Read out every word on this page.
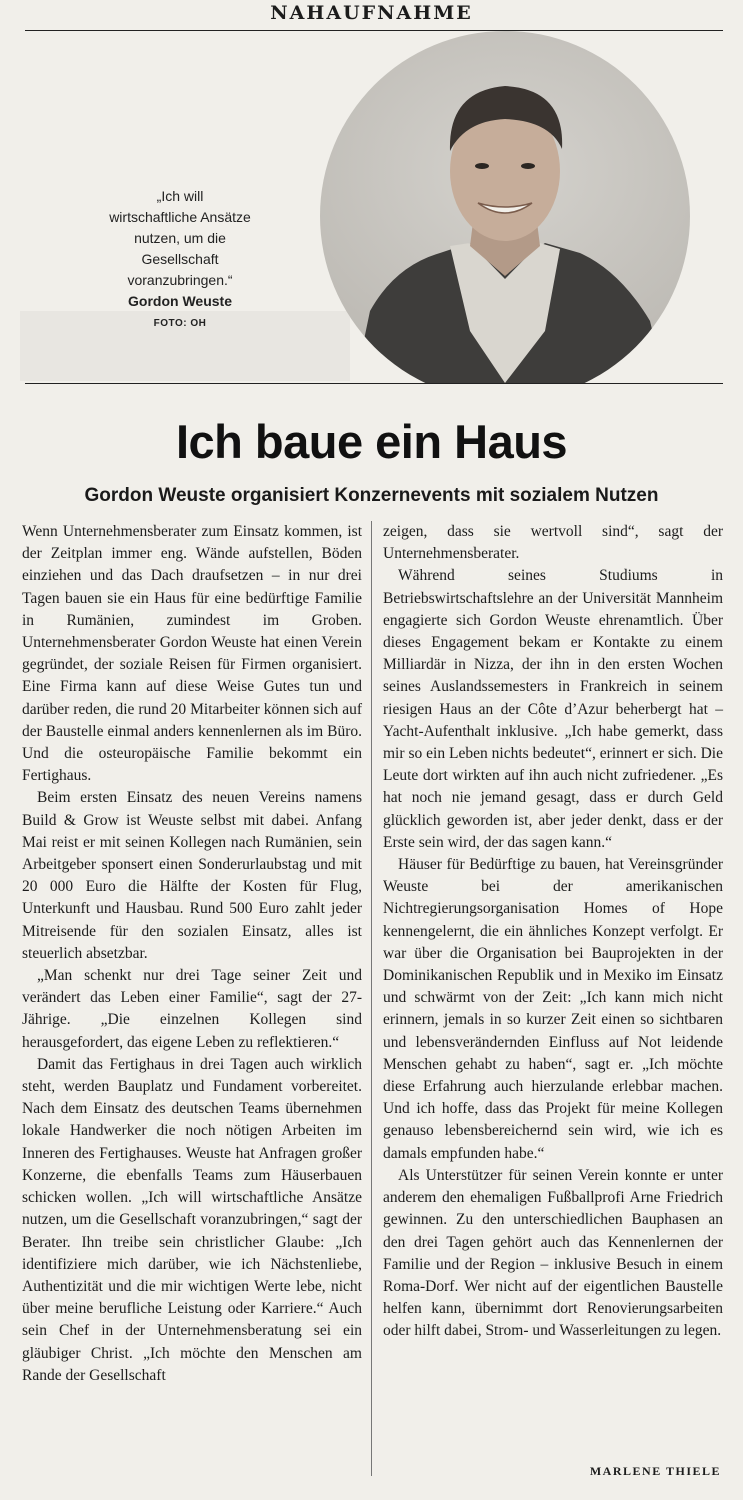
NAHAUFNAHME
„Ich will
wirtschaftliche Ansätze
nutzen, um die
Gesellschaft
voranzubringen.“
Gordon Weuste
FOTO: OH
Ich baue ein Haus
Gordon Weuste organisiert Konzernevents mit sozialem Nutzen

Wenn Unternehmensberater zum Einsatz kommen, ist der Zeitplan immer eng. Wände aufstellen, Böden einziehen und das Dach draufsetzen – in nur drei Tagen bauen sie ein Haus für eine bedürftige Familie in Rumänien, zumindest im Groben. Unternehmensberater Gordon Weuste hat einen Verein gegründet, der soziale Reisen für Firmen organisiert. Eine Firma kann auf diese Weise Gutes tun und darüber reden, die rund 20 Mitarbeiter können sich auf der Baustelle einmal anders kennenlernen als im Büro. Und die osteuropäische Familie bekommt ein Fertighaus.

Beim ersten Einsatz des neuen Vereins namens Build & Grow ist Weuste selbst mit dabei. Anfang Mai reist er mit seinen Kollegen nach Rumänien, sein Arbeitgeber sponsert einen Sonderurlaubstag und mit 20 000 Euro die Hälfte der Kosten für Flug, Unterkunft und Hausbau. Rund 500 Euro zahlt jeder Mitreisende für den sozialen Einsatz, alles ist steuerlich absetzbar.

„Man schenkt nur drei Tage seiner Zeit und verändert das Leben einer Familie“, sagt der 27-Jährige. „Die einzelnen Kollegen sind herausgefordert, das eigene Leben zu reflektieren.“

Damit das Fertighaus in drei Tagen auch wirklich steht, werden Bauplatz und Fundament vorbereitet. Nach dem Einsatz des deutschen Teams übernehmen lokale Handwerker die noch nötigen Arbeiten im Inneren des Fertighauses. Weuste hat Anfragen großer Konzerne, die ebenfalls Teams zum Häuserbauen schicken wollen. „Ich will wirtschaftliche Ansätze nutzen, um die Gesellschaft voranzubringen,“ sagt der Berater. Ihn treibe sein christlicher Glaube: „Ich identifiziere mich darüber, wie ich Nächstenliebe, Authentizität und die mir wichtigen Werte lebe, nicht über meine berufliche Leistung oder Karriere.“ Auch sein Chef in der Unternehmensberatung sei ein gläubiger Christ. „Ich möchte den Menschen am Rande der Gesellschaft

zeigen, dass sie wertvoll sind“, sagt der Unternehmensberater.

Während seines Studiums in Betriebswirtschaftslehre an der Universität Mannheim engagierte sich Gordon Weuste ehrenamtlich. Über dieses Engagement bekam er Kontakte zu einem Milliardär in Nizza, der ihn in den ersten Wochen seines Auslandssemesters in Frankreich in seinem riesigen Haus an der Côte d’Azur beherbergt hat – Yacht-Aufenthalt inklusive. „Ich habe gemerkt, dass mir so ein Leben nichts bedeutet“, erinnert er sich. Die Leute dort wirkten auf ihn auch nicht zufriedener. „Es hat noch nie jemand gesagt, dass er durch Geld glücklich geworden ist, aber jeder denkt, dass er der Erste sein wird, der das sagen kann.“

Häuser für Bedürftige zu bauen, hat Vereinsgründer Weuste bei der amerikanischen Nichtregierungsorganisation Homes of Hope kennengelernt, die ein ähnliches Konzept verfolgt. Er war über die Organisation bei Bauprojekten in der Dominikanischen Republik und in Mexiko im Einsatz und schwärmt von der Zeit: „Ich kann mich nicht erinnern, jemals in so kurzer Zeit einen so sichtbaren und lebensverändernden Einfluss auf Not leidende Menschen gehabt zu haben“, sagt er. „Ich möchte diese Erfahrung auch hierzulande erlebbar machen. Und ich hoffe, dass das Projekt für meine Kollegen genauso lebensbereichernd sein wird, wie ich es damals empfunden habe.“

Als Unterstützer für seinen Verein konnte er unter anderem den ehemaligen Fußballprofi Arne Friedrich gewinnen. Zu den unterschiedlichen Bauphasen an den drei Tagen gehört auch das Kennenlernen der Familie und der Region – inklusive Besuch in einem Roma-Dorf. Wer nicht auf der eigentlichen Baustelle helfen kann, übernimmt dort Renovierungsarbeiten oder hilft dabei, Strom- und Wasserleitungen zu legen.

MARLENE THIELE
